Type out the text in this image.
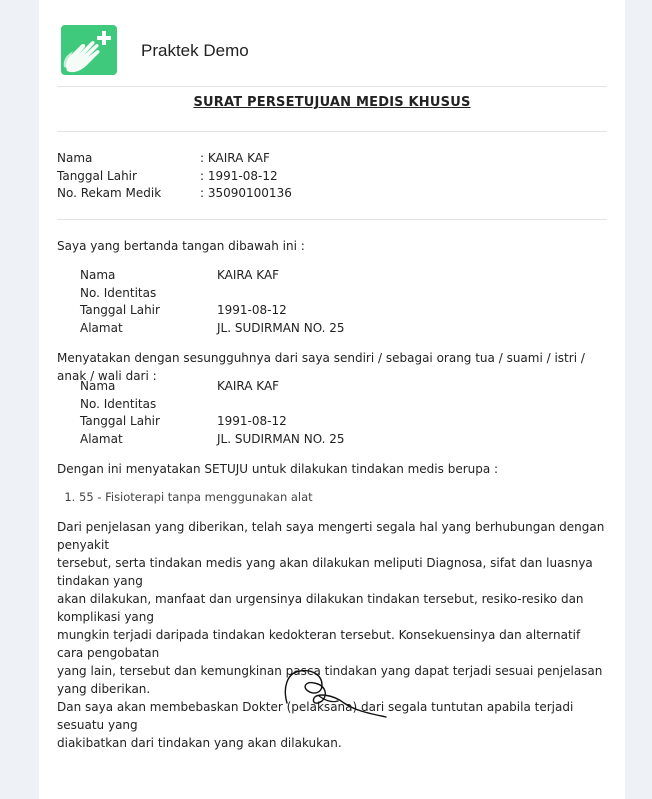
Praktek Demo
SURAT PERSETUJUAN MEDIS KHUSUS
Nama	: KAIRA KAF
Tanggal Lahir	: 1991-08-12
No. Rekam Medik	: 35090100136
Saya yang bertanda tangan dibawah ini :
Nama	KAIRA KAF
No. Identitas
Tanggal Lahir	1991-08-12
Alamat	JL. SUDIRMAN NO. 25
Menyatakan dengan sesungguhnya dari saya sendiri / sebagai orang tua / suami / istri / anak / wali dari :
Nama	KAIRA KAF
No. Identitas
Tanggal Lahir	1991-08-12
Alamat	JL. SUDIRMAN NO. 25
Dengan ini menyatakan SETUJU untuk dilakukan tindakan medis berupa :
1. 55 - Fisioterapi tanpa menggunakan alat
Dari penjelasan yang diberikan, telah saya mengerti segala hal yang berhubungan dengan penyakit
tersebut, serta tindakan medis yang akan dilakukan meliputi Diagnosa, sifat dan luasnya tindakan yang
akan dilakukan, manfaat dan urgensinya dilakukan tindakan tersebut, resiko-resiko dan komplikasi yang
mungkin terjadi daripada tindakan kedokteran tersebut. Konsekuensinya dan alternatif cara pengobatan
yang lain, tersebut dan kemungkinan pasca tindakan yang dapat terjadi sesuai penjelasan yang diberikan.
Dan saya akan membebaskan Dokter (pelaksana) dari segala tuntutan apabila terjadi sesuatu yang
diakibatkan dari tindakan yang akan dilakukan.
